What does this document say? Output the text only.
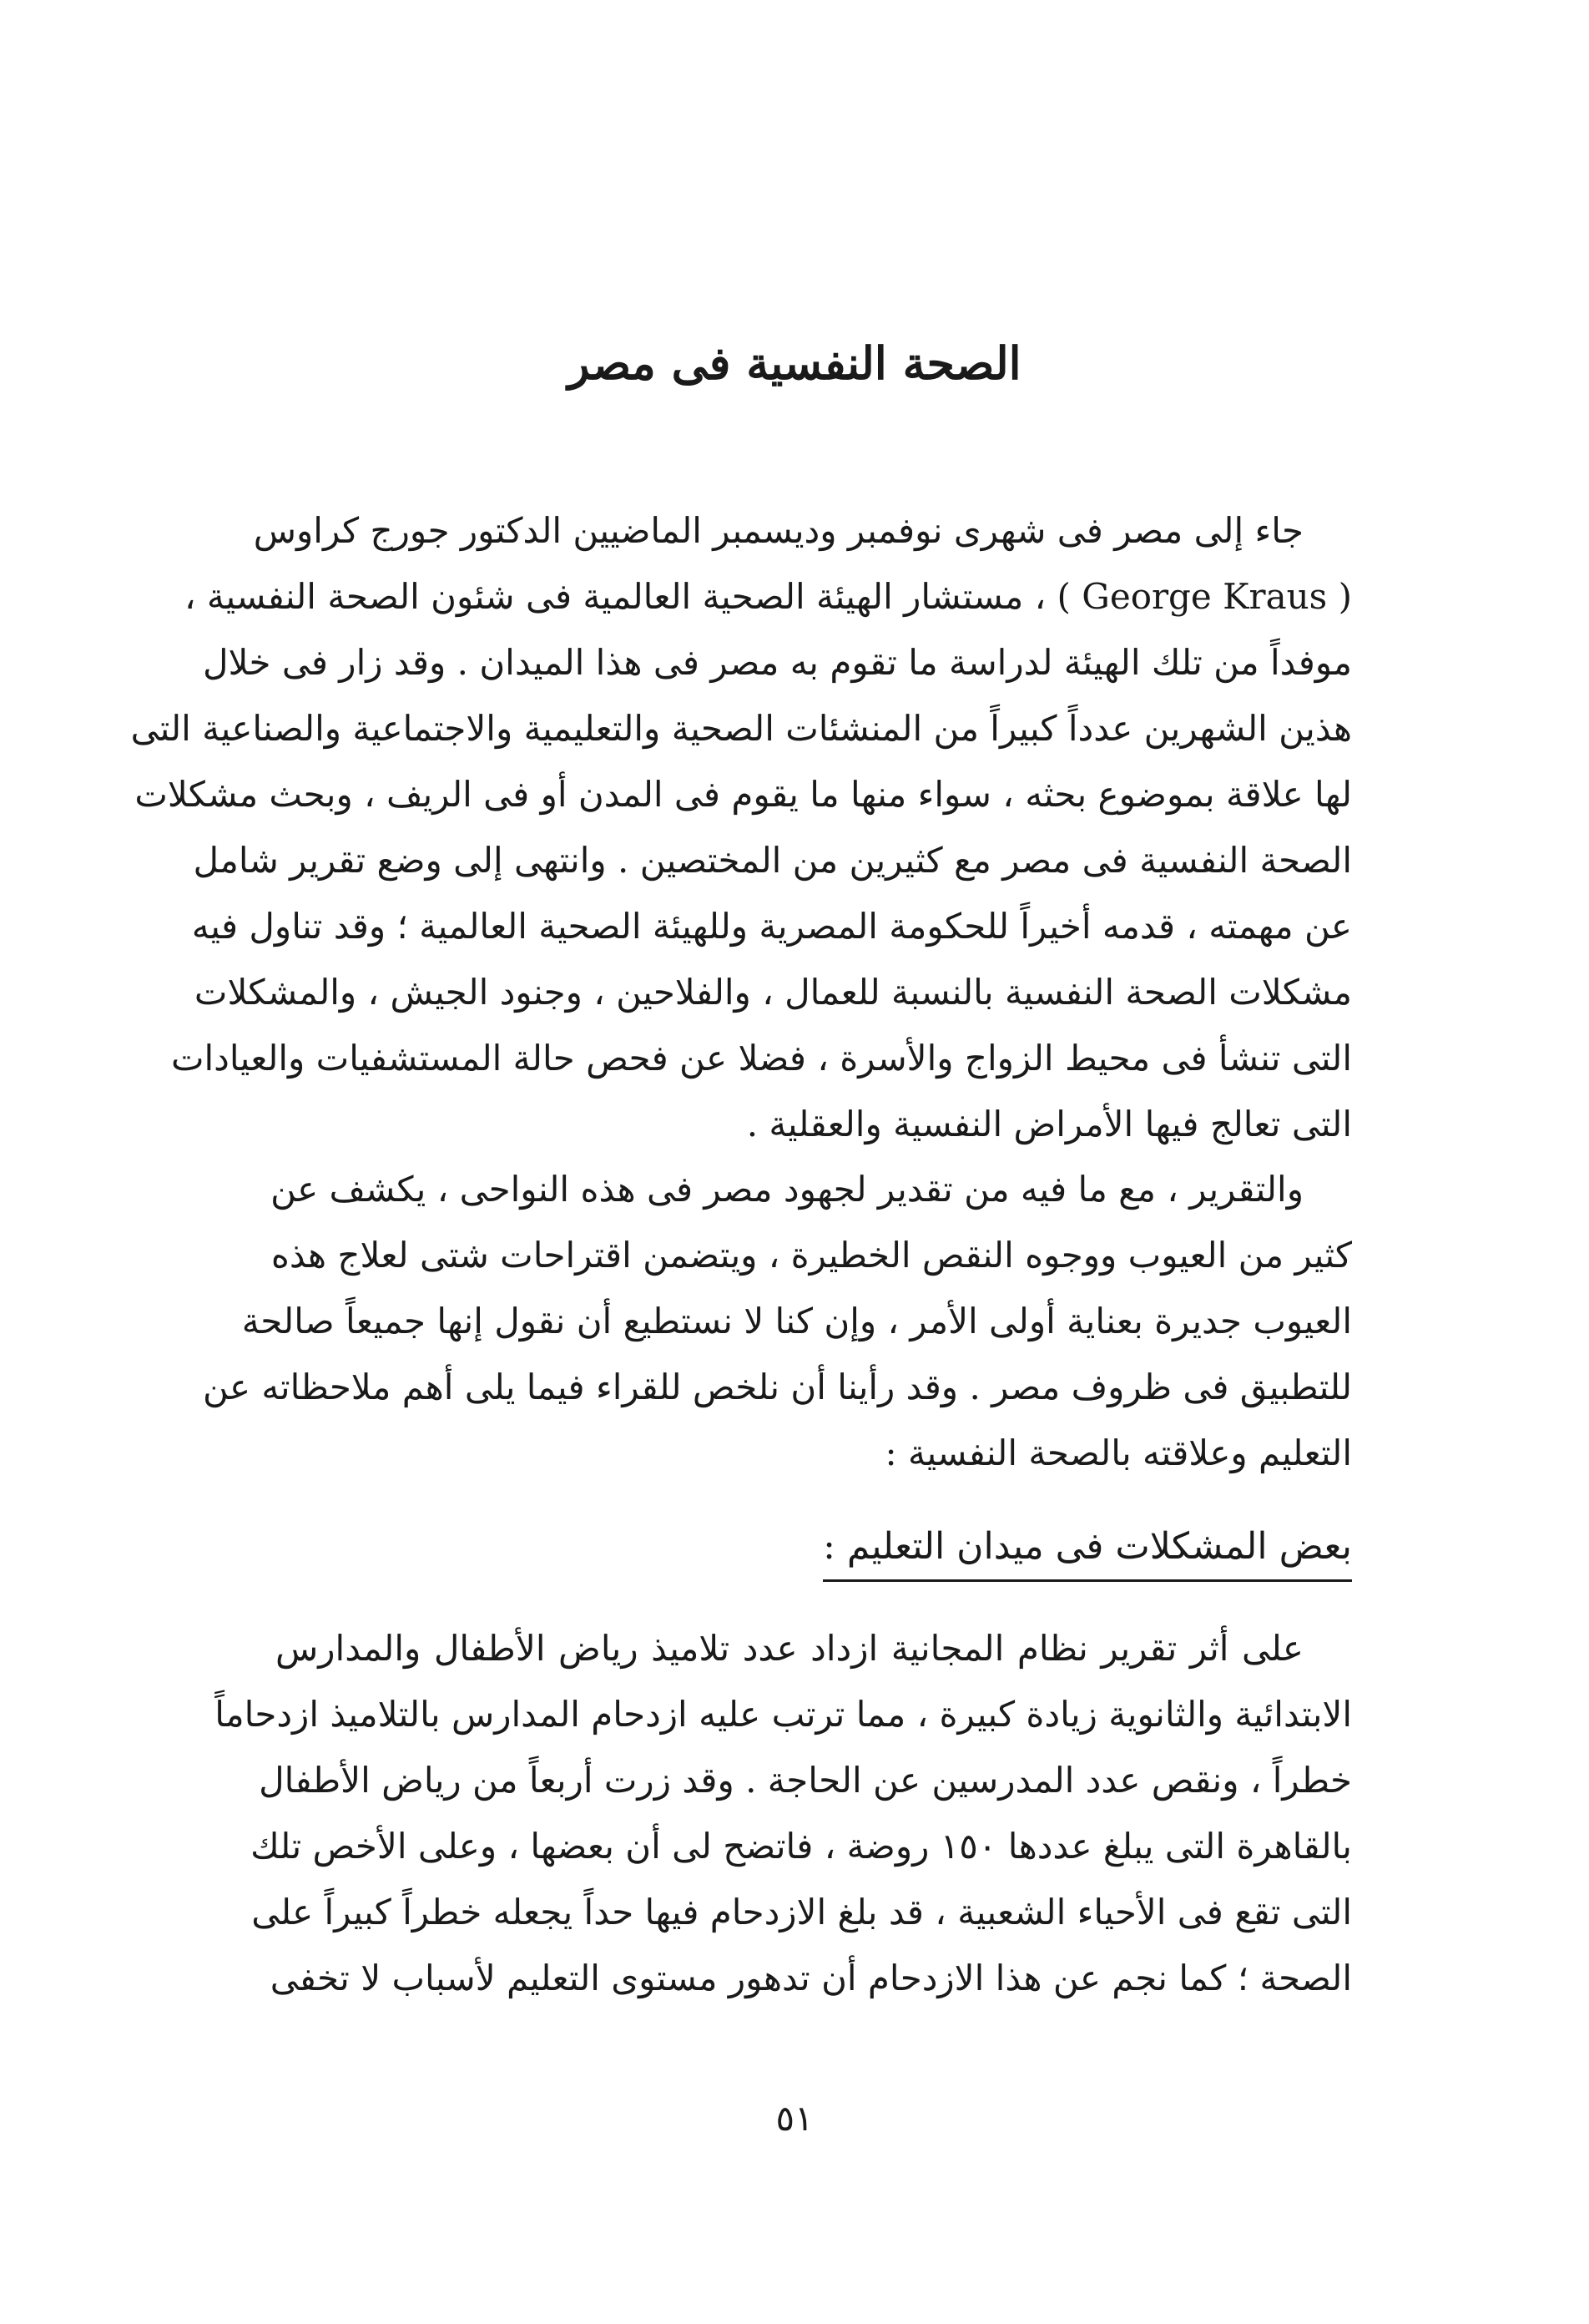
الصحة النفسية فى مصر
جاء إلى مصر فى شهرى نوفمبر وديسمبر الماضيين الدكتور جورج كراوس
( George Kraus ) ، مستشار الهيئة الصحية العالمية فى شئون الصحة النفسية ،
موفداً من تلك الهيئة لدراسة ما تقوم به مصر فى هذا الميدان . وقد زار فى خلال
هذين الشهرين عدداً كبيراً من المنشئات الصحية والتعليمية والاجتماعية والصناعية التى
لها علاقة بموضوع بحثه ، سواء منها ما يقوم فى المدن أو فى الريف ، وبحث مشكلات
الصحة النفسية فى مصر مع كثيرين من المختصين . وانتهى إلى وضع تقرير شامل
عن مهمته ، قدمه أخيراً للحكومة المصرية وللهيئة الصحية العالمية ؛ وقد تناول فيه
مشكلات الصحة النفسية بالنسبة للعمال ، والفلاحين ، وجنود الجيش ، والمشكلات
التى تنشأ فى محيط الزواج والأسرة ، فضلا عن فحص حالة المستشفيات والعيادات
التى تعالج فيها الأمراض النفسية والعقلية .
والتقرير ، مع ما فيه من تقدير لجهود مصر فى هذه النواحى ، يكشف عن
كثير من العيوب ووجوه النقص الخطيرة ، ويتضمن اقتراحات شتى لعلاج هذه
العيوب جديرة بعناية أولى الأمر ، وإن كنا لا نستطيع أن نقول إنها جميعاً صالحة
للتطبيق فى ظروف مصر . وقد رأينا أن نلخص للقراء فيما يلى أهم ملاحظاته عن
التعليم وعلاقته بالصحة النفسية :
بعض المشكلات فى ميدان التعليم :
على أثر تقرير نظام المجانية ازداد عدد تلاميذ رياض الأطفال والمدارس
الابتدائية والثانوية زيادة كبيرة ، مما ترتب عليه ازدحام المدارس بالتلاميذ ازدحاماً
خطراً ، ونقص عدد المدرسين عن الحاجة . وقد زرت أربعاً من رياض الأطفال
بالقاهرة التى يبلغ عددها ١٥٠ روضة ، فاتضح لى أن بعضها ، وعلى الأخص تلك
التى تقع فى الأحياء الشعبية ، قد بلغ الازدحام فيها حداً يجعله خطراً كبيراً على
الصحة ؛ كما نجم عن هذا الازدحام أن تدهور مستوى التعليم لأسباب لا تخفى

٥١
